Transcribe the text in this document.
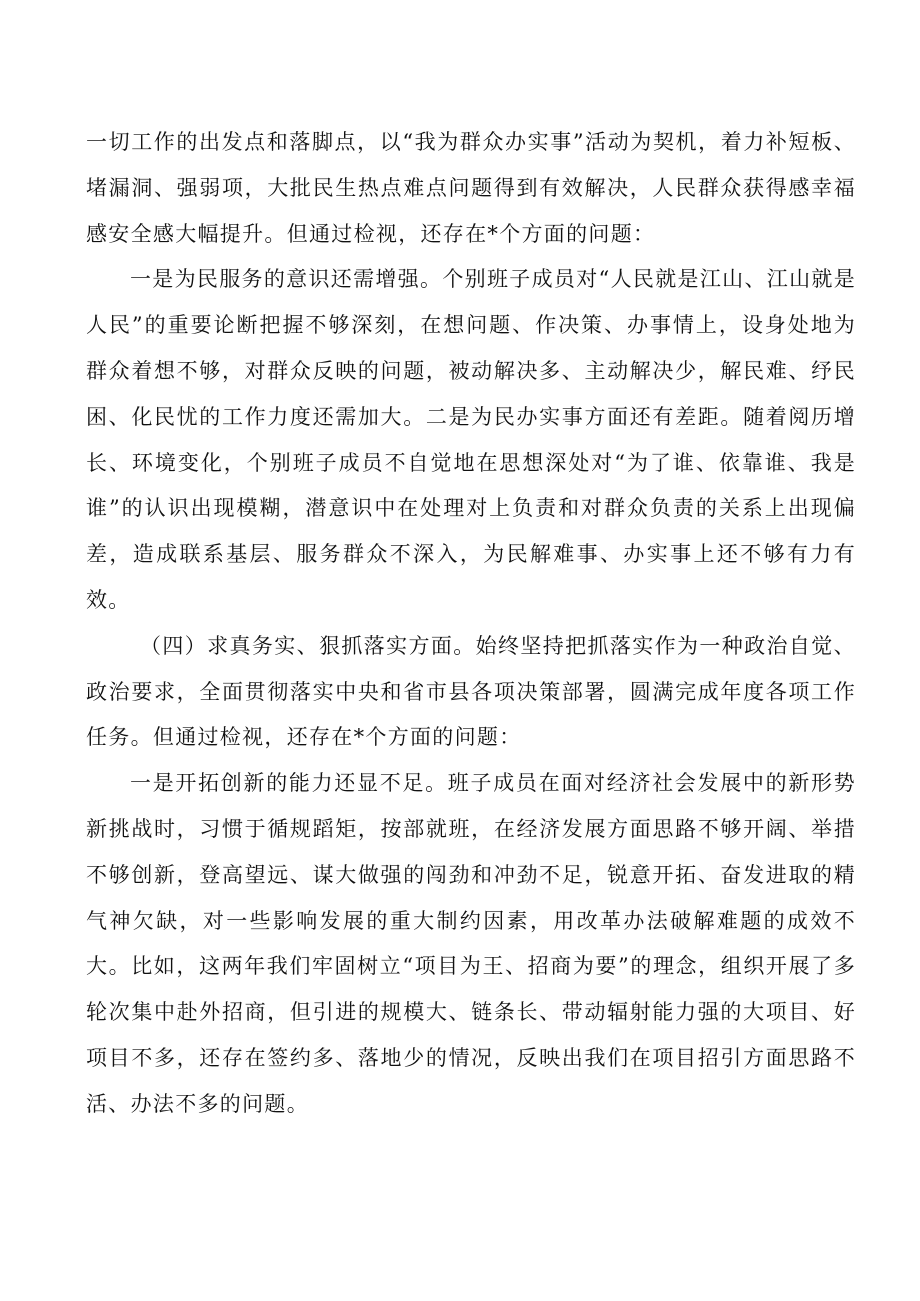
一切工作的出发点和落脚点，以“我为群众办实事”活动为契机，着力补短板、堵漏洞、强弱项，大批民生热点难点问题得到有效解决，人民群众获得感幸福感安全感大幅提升。但通过检视，还存在*个方面的问题：

一是为民服务的意识还需增强。个别班子成员对“人民就是江山、江山就是人民”的重要论断把握不够深刻，在想问题、作决策、办事情上，设身处地为群众着想不够，对群众反映的问题，被动解决多、主动解决少，解民难、纾民困、化民忧的工作力度还需加大。二是为民办实事方面还有差距。随着阅历增长、环境变化，个别班子成员不自觉地在思想深处对“为了谁、依靠谁、我是谁”的认识出现模糊，潜意识中在处理对上负责和对群众负责的关系上出现偏差，造成联系基层、服务群众不深入，为民解难事、办实事上还不够有力有效。

（四）求真务实、狠抓落实方面。始终坚持把抓落实作为一种政治自觉、政治要求，全面贯彻落实中央和省市县各项决策部署，圆满完成年度各项工作任务。但通过检视，还存在*个方面的问题：

一是开拓创新的能力还显不足。班子成员在面对经济社会发展中的新形势新挑战时，习惯于循规蹈矩，按部就班，在经济发展方面思路不够开阔、举措不够创新，登高望远、谋大做强的闯劲和冲劲不足，锐意开拓、奋发进取的精气神欠缺，对一些影响发展的重大制约因素，用改革办法破解难题的成效不大。比如，这两年我们牢固树立“项目为王、招商为要”的理念，组织开展了多轮次集中赴外招商，但引进的规模大、链条长、带动辐射能力强的大项目、好项目不多，还存在签约多、落地少的情况，反映出我们在项目招引方面思路不活、办法不多的问题。
